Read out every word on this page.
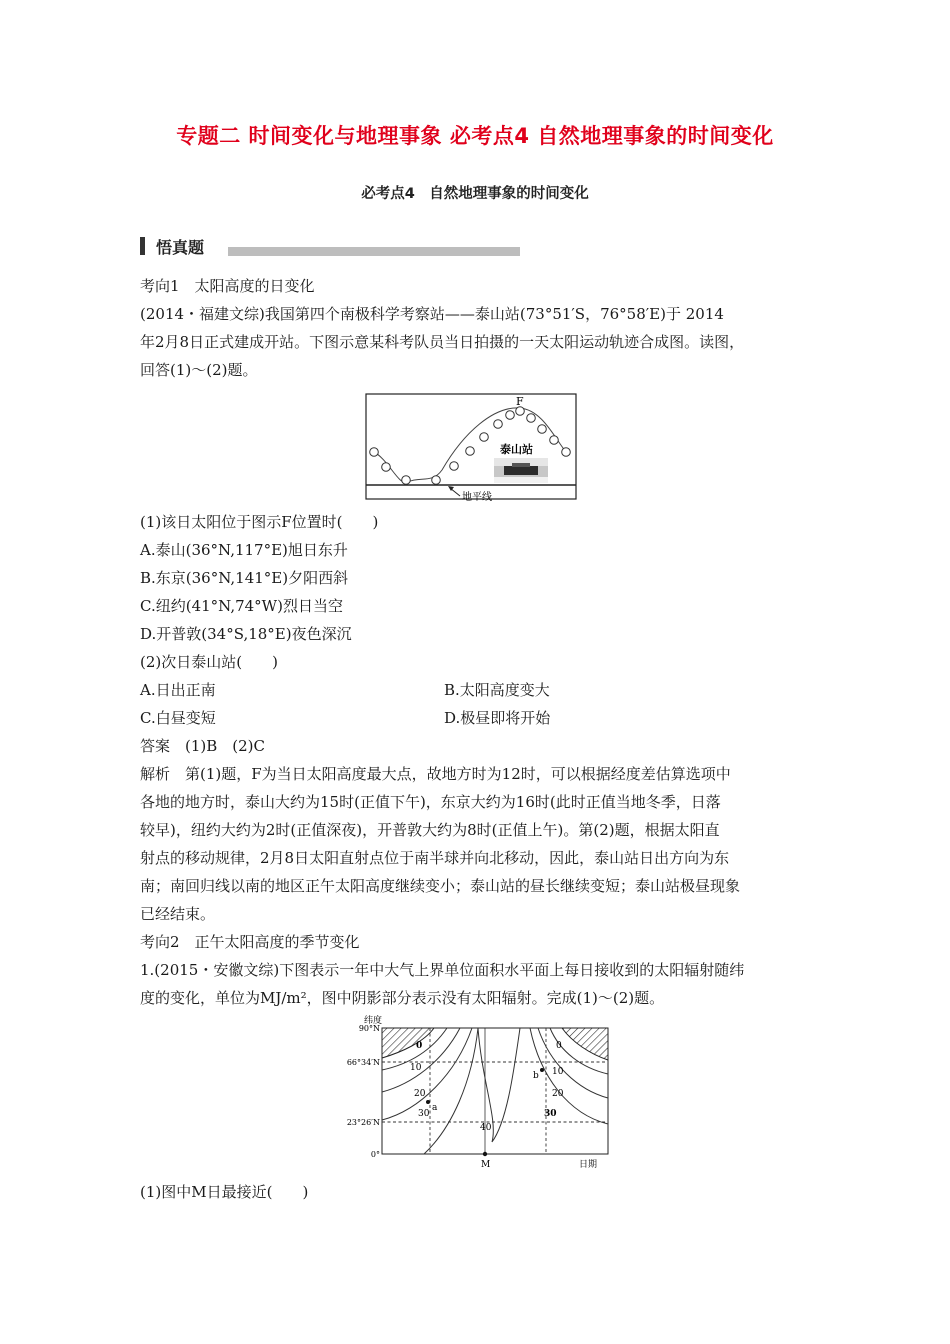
专题二 时间变化与地理事象 必考点4 自然地理事象的时间变化
必考点4　自然地理事象的时间变化
悟真题
考向1　太阳高度的日变化
(2014・福建文综)我国第四个南极科学考察站——泰山站(73°51′S，76°58′E)于 2014
年2月8日正式建成开站。下图示意某科考队员当日拍摄的一天太阳运动轨迹合成图。读图，
回答(1)～(2)题。
F
泰山站
地平线
(1)该日太阳位于图示F位置时(　　)
A.泰山(36°N,117°E)旭日东升
B.东京(36°N,141°E)夕阳西斜
C.纽约(41°N,74°W)烈日当空
D.开普敦(34°S,18°E)夜色深沉
(2)次日泰山站(　　)
A.日出正南	B.太阳高度变大
C.白昼变短	D.极昼即将开始
答案　(1)B　(2)C
解析　第(1)题，F为当日太阳高度最大点，故地方时为12时，可以根据经度差估算选项中
各地的地方时，泰山大约为15时(正值下午)，东京大约为16时(此时正值当地冬季，日落
较早)，纽约大约为2时(正值深夜)，开普敦大约为8时(正值上午)。第(2)题，根据太阳直
射点的移动规律，2月8日太阳直射点位于南半球并向北移动，因此，泰山站日出方向为东
南；南回归线以南的地区正午太阳高度继续变小；泰山站的昼长继续变短；泰山站极昼现象
已经结束。
考向2　正午太阳高度的季节变化
1.(2015・安徽文综)下图表示一年中大气上界单位面积水平面上每日接收到的太阳辐射随纬
度的变化，单位为MJ/m²，图中阴影部分表示没有太阳辐射。完成(1)～(2)题。
纬度
0
10
20
30
40
0
10
20
30
a
b
90°N
66°34′N
23°26′N
0°
M	日期
(1)图中M日最接近(　　)
